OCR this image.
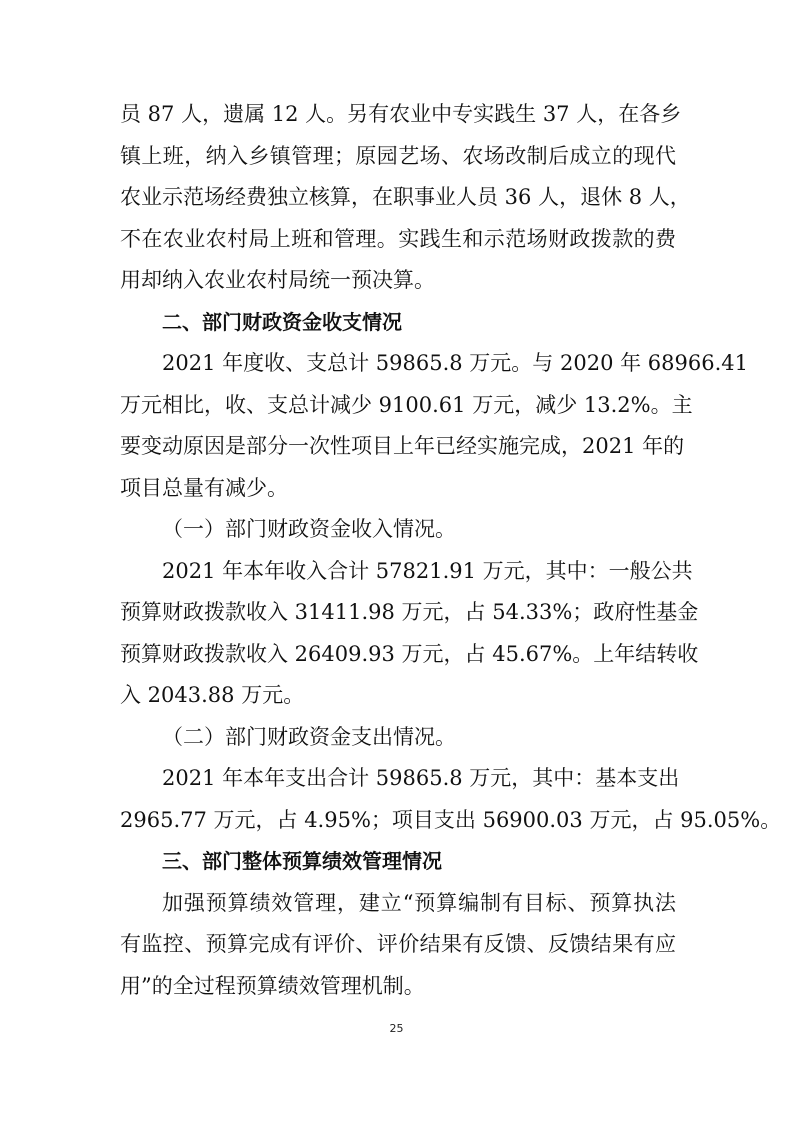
员 87 人，遗属 12 人。另有农业中专实践生 37 人，在各乡
镇上班，纳入乡镇管理；原园艺场、农场改制后成立的现代
农业示范场经费独立核算，在职事业人员 36 人，退休 8 人，
不在农业农村局上班和管理。实践生和示范场财政拨款的费
用却纳入农业农村局统一预决算。
二、部门财政资金收支情况
2021 年度收、支总计 59865.8 万元。与 2020 年 68966.41
万元相比，收、支总计减少 9100.61 万元，减少 13.2%。主
要变动原因是部分一次性项目上年已经实施完成，2021 年的
项目总量有减少。
（一）部门财政资金收入情况。
2021 年本年收入合计 57821.91 万元，其中：一般公共
预算财政拨款收入 31411.98 万元，占 54.33%；政府性基金
预算财政拨款收入 26409.93 万元，占 45.67%。上年结转收
入 2043.88 万元。
（二）部门财政资金支出情况。
2021 年本年支出合计 59865.8 万元，其中：基本支出
2965.77 万元，占 4.95%；项目支出 56900.03 万元，占 95.05%。
三、部门整体预算绩效管理情况
加强预算绩效管理，建立“预算编制有目标、预算执法
有监控、预算完成有评价、评价结果有反馈、反馈结果有应
用”的全过程预算绩效管理机制。
25
